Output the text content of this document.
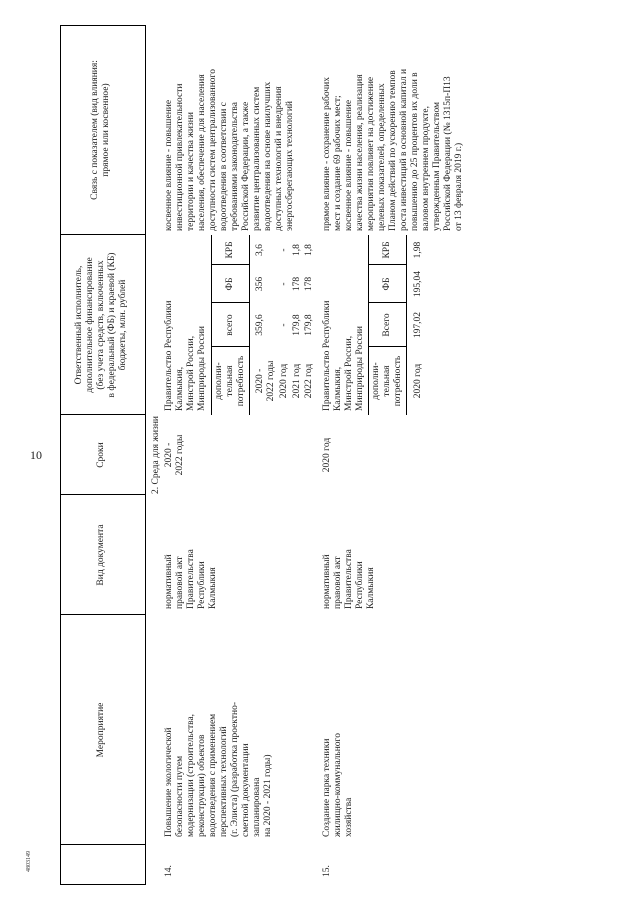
10
4803149
Мероприятие
Вид документа
Сроки
Ответственный исполнитель, дополнительное финансирование (без учета средств, включенных в федеральный (ФБ) и краевой (КБ) бюджеты, млн. рублей
Связь с показателем (вид влияния: прямое или косвенное)
2. Среда для жизни
14.
Повышение экологической безопасности путем модернизации (строительства, реконструкции) объектов водоотведения с применением перспективных технологий (г. Элиста) (разработка проектно- сметной документации запланирована на 2020 - 2021 годы)
нормативный правовой акт Правительства Республики Калмыкия
2020 - 2022 годы
Правительство Республики Калмыкия, Минстрой России, Минприроды России дополни- тельная потребность
всего
ФБ
КРБ
2020 - 2022 годы
359,6
356
3,6
2020 год
-
-
-
2021 год
179,8
178
1,8
2022 год
179,8
178
1,8
косвенное влияние - повышение инвестиционной привлекательности территории и качества жизни населения, обеспечение для населения доступности систем централизованного водоотведения в соответствии с требованиями законодательства Российской Федерации, а также развитие централизованных систем водоотведения на основе наилучших доступных технологий и внедрения энергосберегающих технологий
15.
Создание парка техники жилищно-коммунального хозяйства
нормативный правовой акт Правительства Республики Калмыкия
2020 год
Правительство Республики Калмыкия, Минстрой России, Минприроды России дополни- тельная потребность
Всего
ФБ
КРБ
2020 год
197,02
195,04
1,98
прямое влияние - сохранение рабочих мест и создание 69 рабочих мест; косвенное влияние - повышение качества жизни населения, реализация мероприятия повлияет на достижение целевых показателей, определенных Планом действий по ускорению темпов роста инвестиций в основной капитал и повышению до 25 процентов их доли в валовом внутреннем продукте, утвержденным Правительством Российской Федерации (№ 1315п-П13 от 13 февраля 2019 г.)
